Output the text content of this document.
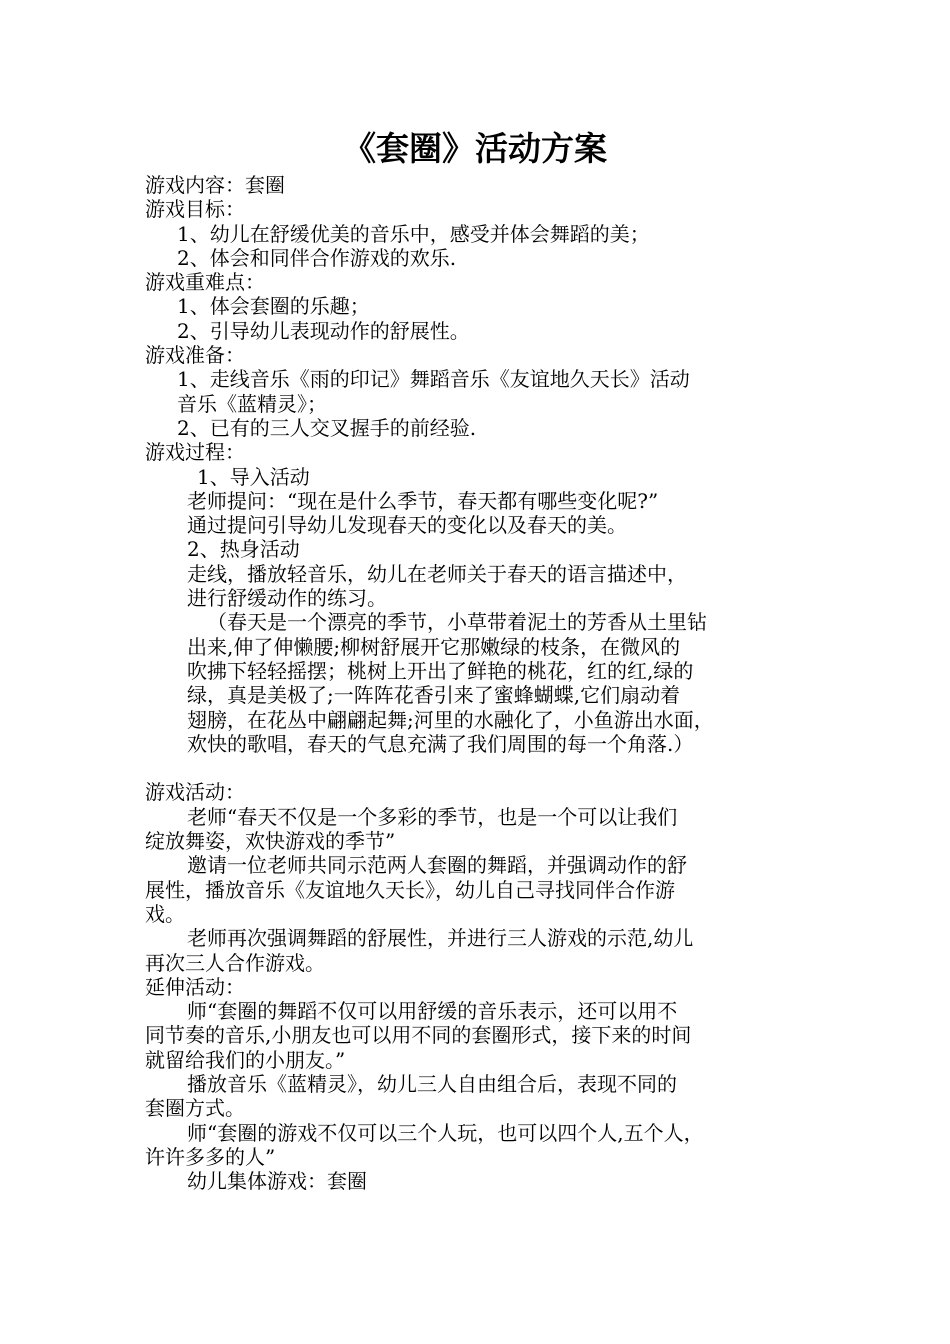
《套圈》活动方案
游戏内容：套圈
游戏目标：
1、幼儿在舒缓优美的音乐中，感受并体会舞蹈的美；
2、体会和同伴合作游戏的欢乐.
游戏重难点：
1、体会套圈的乐趣；
2、引导幼儿表现动作的舒展性。
游戏准备：
1、走线音乐《雨的印记》舞蹈音乐《友谊地久天长》活动
音乐《蓝精灵》；
2、已有的三人交叉握手的前经验.
游戏过程：
1、导入活动
老师提问：“现在是什么季节，春天都有哪些变化呢?”
通过提问引导幼儿发现春天的变化以及春天的美。
2、热身活动
走线，播放轻音乐，幼儿在老师关于春天的语言描述中，
进行舒缓动作的练习。
（春天是一个漂亮的季节，小草带着泥土的芳香从土里钻
出来,伸了伸懒腰;柳树舒展开它那嫩绿的枝条，在微风的
吹拂下轻轻摇摆；桃树上开出了鲜艳的桃花，红的红,绿的
绿，真是美极了;一阵阵花香引来了蜜蜂蝴蝶,它们扇动着
翅膀，在花丛中翩翩起舞;河里的水融化了，小鱼游出水面，
欢快的歌唱，春天的气息充满了我们周围的每一个角落.）
游戏活动：
老师“春天不仅是一个多彩的季节，也是一个可以让我们
绽放舞姿，欢快游戏的季节”
邀请一位老师共同示范两人套圈的舞蹈，并强调动作的舒
展性，播放音乐《友谊地久天长》，幼儿自己寻找同伴合作游
戏。
老师再次强调舞蹈的舒展性，并进行三人游戏的示范,幼儿
再次三人合作游戏。
延伸活动：
师“套圈的舞蹈不仅可以用舒缓的音乐表示，还可以用不
同节奏的音乐,小朋友也可以用不同的套圈形式，接下来的时间
就留给我们的小朋友。”
播放音乐《蓝精灵》，幼儿三人自由组合后，表现不同的
套圈方式。
师“套圈的游戏不仅可以三个人玩，也可以四个人,五个人，
许许多多的人”
幼儿集体游戏：套圈
